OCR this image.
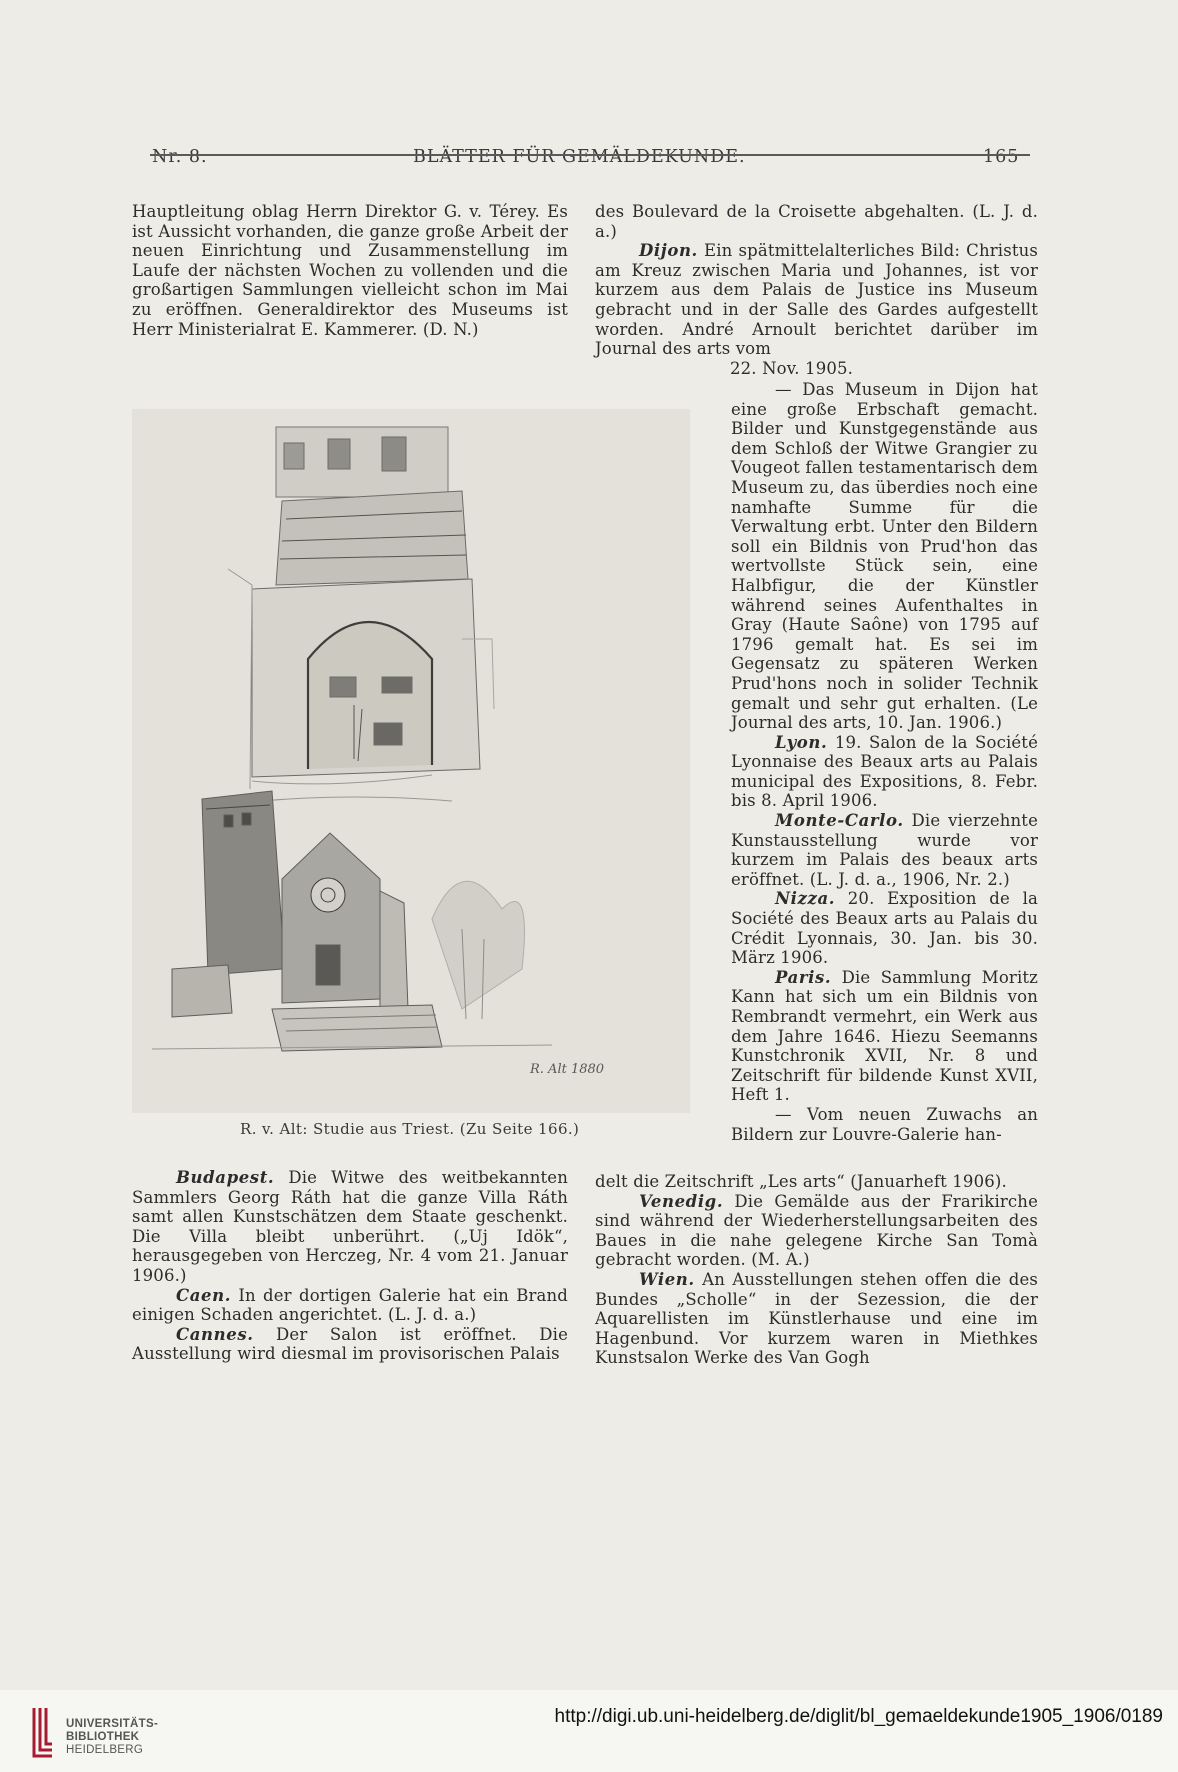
Nr. 8.	BLÄTTER FÜR GEMÄLDEKUNDE.	165

Hauptleitung oblag Herrn Direktor G. v. Térey. Es ist Aussicht vorhanden, die ganze große Arbeit der neuen Einrichtung und Zusammenstellung im Laufe der nächsten Wochen zu vollenden und die großartigen Sammlungen vielleicht schon im Mai zu eröffnen. Generaldirektor des Museums ist Herr Ministerialrat E. Kammerer. (D. N.)

R. Alt 1880
R. v. Alt: Studie aus Triest. (Zu Seite 166.)

Budapest. Die Witwe des weitbekannten Sammlers Georg Ráth hat die ganze Villa Ráth samt allen Kunstschätzen dem Staate geschenkt. Die Villa bleibt unberührt. („Uj Idök“, herausgegeben von Herczeg, Nr. 4 vom 21. Januar 1906.)

Caen. In der dortigen Galerie hat ein Brand einigen Schaden angerichtet. (L. J. d. a.)

Cannes. Der Salon ist eröffnet. Die Ausstellung wird diesmal im provisorischen Palais

des Boulevard de la Croisette abgehalten. (L. J. d. a.)

Dijon. Ein spätmittelalterliches Bild: Christus am Kreuz zwischen Maria und Johannes, ist vor kurzem aus dem Palais de Justice ins Museum gebracht und in der Salle des Gardes aufgestellt worden. André Arnoult berichtet darüber im Journal des arts vom

22. Nov. 1905.

— Das Museum in Dijon hat eine große Erbschaft gemacht. Bilder und Kunstgegenstände aus dem Schloß der Witwe Grangier zu Vougeot fallen testamentarisch dem Museum zu, das überdies noch eine namhafte Summe für die Verwaltung erbt. Unter den Bildern soll ein Bildnis von Prud'hon das wertvollste Stück sein, eine Halbfigur, die der Künstler während seines Aufenthaltes in Gray (Haute Saône) von 1795 auf 1796 gemalt hat. Es sei im Gegensatz zu späteren Werken Prud'hons noch in solider Technik gemalt und sehr gut erhalten. (Le Journal des arts, 10. Jan. 1906.)

Lyon. 19. Salon de la Société Lyonnaise des Beaux arts au Palais municipal des Expositions, 8. Febr. bis 8. April 1906.

Monte-Carlo. Die vierzehnte Kunstausstellung wurde vor kurzem im Palais des beaux arts eröffnet. (L. J. d. a., 1906, Nr. 2.)

Nizza. 20. Exposition de la Société des Beaux arts au Palais du Crédit Lyonnais, 30. Jan. bis 30. März 1906.

Paris. Die Sammlung Moritz Kann hat sich um ein Bildnis von Rembrandt vermehrt, ein Werk aus dem Jahre 1646. Hiezu Seemanns Kunstchronik XVII, Nr. 8 und Zeitschrift für bildende Kunst XVII, Heft 1.

— Vom neuen Zuwachs an Bildern zur Louvre-Galerie han-

delt die Zeitschrift „Les arts“ (Januarheft 1906).

Venedig. Die Gemälde aus der Frarikirche sind während der Wiederherstellungsarbeiten des Baues in die nahe gelegene Kirche San Tomà gebracht worden. (M. A.)

Wien. An Ausstellungen stehen offen die des Bundes „Scholle“ in der Sezession, die der Aquarellisten im Künstlerhause und eine im Hagenbund. Vor kurzem waren in Miethkes Kunstsalon Werke des Van Gogh

UNIVERSITÄTS-
BIBLIOTHEK
HEIDELBERG
http://digi.ub.uni-heidelberg.de/diglit/bl_gemaeldekunde1905_1906/0189
